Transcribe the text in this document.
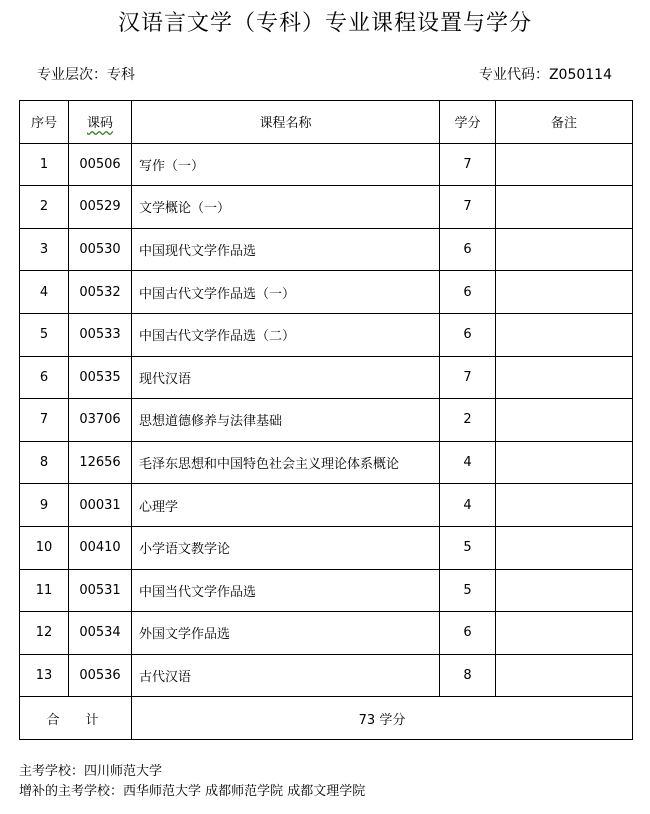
汉语言文学（专科）专业课程设置与学分
专业层次：专科	专业代码：Z050114
序号	课码	课程名称	学分	备注
1	00506	写作（一）	7	
2	00529	文学概论（一）	7	
3	00530	中国现代文学作品选	6	
4	00532	中国古代文学作品选（一）	6	
5	00533	中国古代文学作品选（二）	6	
6	00535	现代汉语	7	
7	03706	思想道德修养与法律基础	2	
8	12656	毛泽东思想和中国特色社会主义理论体系概论	4	
9	00031	心理学	4	
10	00410	小学语文教学论	5	
11	00531	中国当代文学作品选	5	
12	00534	外国文学作品选	6	
13	00536	古代汉语	8	
合计		73 学分		
主考学校：四川师范大学
增补的主考学校：西华师范大学 成都师范学院 成都文理学院
